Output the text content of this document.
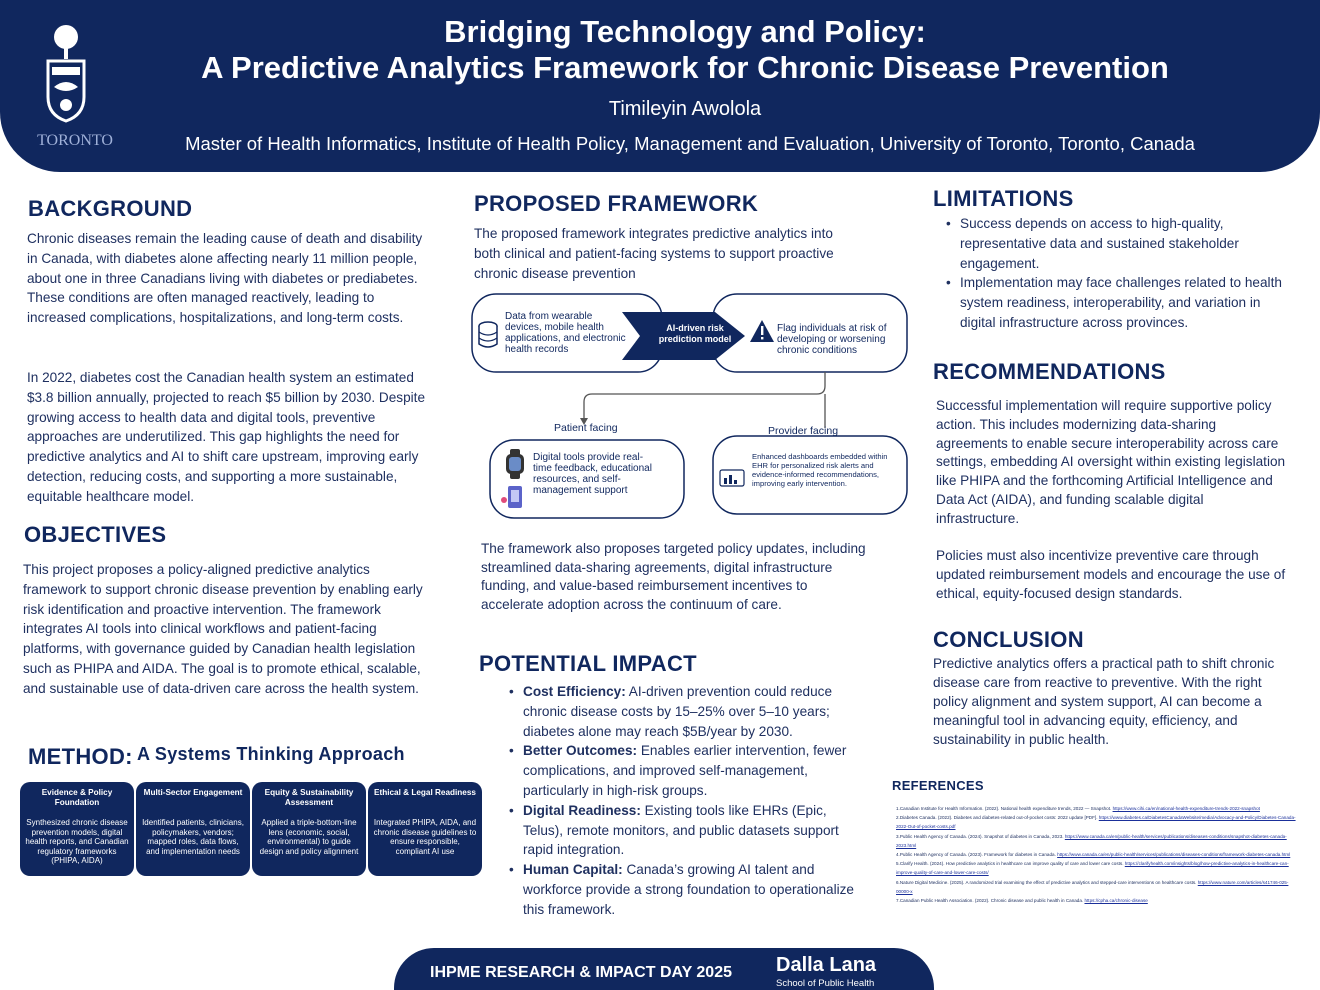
TORONTO
Bridging Technology and Policy:
A Predictive Analytics Framework for Chronic Disease Prevention
Timileyin Awolola
Master of Health Informatics, Institute of Health Policy, Management and Evaluation, University of Toronto, Toronto, Canada
BACKGROUND
Chronic diseases remain the leading cause of death and disability in Canada, with diabetes alone affecting nearly 11 million people, about one in three Canadians living with diabetes or prediabetes. These conditions are often managed reactively, leading to increased complications, hospitalizations, and long-term costs.
In 2022, diabetes cost the Canadian health system an estimated $3.8 billion annually, projected to reach $5 billion by 2030. Despite growing access to health data and digital tools, preventive approaches are underutilized. This gap highlights the need for predictive analytics and AI to shift care upstream, improving early detection, reducing costs, and supporting a more sustainable, equitable healthcare model.
OBJECTIVES
This project proposes a policy-aligned predictive analytics framework to support chronic disease prevention by enabling early risk identification and proactive intervention. The framework integrates AI tools into clinical workflows and patient-facing platforms, with governance guided by Canadian health legislation such as PHIPA and AIDA. The goal is to promote ethical, scalable, and sustainable use of data-driven care across the health system.
METHOD: A Systems Thinking Approach
Evidence & Policy Foundation
Synthesized chronic disease prevention models, digital health reports, and Canadian regulatory frameworks (PHIPA, AIDA)
Multi-Sector Engagement
Identified patients, clinicians, policymakers, vendors; mapped roles, data flows, and implementation needs
Equity & Sustainability Assessment
Applied a triple-bottom-line lens (economic, social, environmental) to guide design and policy alignment
Ethical & Legal Readiness
Integrated PHIPA, AIDA, and chronic disease guidelines to ensure responsible, compliant AI use
PROPOSED FRAMEWORK
The proposed framework integrates predictive analytics into both clinical and patient-facing systems to support proactive chronic disease prevention
Data from wearable devices, mobile health applications, and electronic health records
AI-driven risk prediction model
Flag individuals at risk of developing or worsening chronic conditions
Patient facing	Provider facing
Digital tools provide real-time feedback, educational resources, and self-management support
Enhanced dashboards embedded within EHR for personalized risk alerts and evidence-informed recommendations, improving early intervention.
The framework also proposes targeted policy updates, including streamlined data-sharing agreements, digital infrastructure funding, and value-based reimbursement incentives to accelerate adoption across the continuum of care.
POTENTIAL IMPACT
• Cost Efficiency: AI-driven prevention could reduce chronic disease costs by 15–25% over 5–10 years; diabetes alone may reach $5B/year by 2030.
• Better Outcomes: Enables earlier intervention, fewer complications, and improved self-management, particularly in high-risk groups.
• Digital Readiness: Existing tools like EHRs (Epic, Telus), remote monitors, and public datasets support rapid integration.
• Human Capital: Canada’s growing AI talent and workforce provide a strong foundation to operationalize this framework.
LIMITATIONS
• Success depends on access to high-quality, representative data and sustained stakeholder engagement.
• Implementation may face challenges related to health system readiness, interoperability, and variation in digital infrastructure across provinces.
RECOMMENDATIONS
Successful implementation will require supportive policy action. This includes modernizing data-sharing agreements to enable secure interoperability across care settings, embedding AI oversight within existing legislation like PHIPA and the forthcoming Artificial Intelligence and Data Act (AIDA), and funding scalable digital infrastructure.
Policies must also incentivize preventive care through updated reimbursement models and encourage the use of ethical, equity-focused design standards.
CONCLUSION
Predictive analytics offers a practical path to shift chronic disease care from reactive to preventive. With the right policy alignment and system support, AI can become a meaningful tool in advancing equity, efficiency, and sustainability in public health.
REFERENCES
1.Canadian Institute for Health Information. (2022). National health expenditure trends, 2022 — Snapshot. https://www.cihi.ca/en/national-health-expenditure-trends-2022-snapshot
2.Diabetes Canada. (2022). Diabetes and diabetes-related out-of-pocket costs: 2022 update [PDF]. https://www.diabetes.ca/DiabetesCanadaWebsite/media/Advocacy-and-Policy/Diabetes-Canada-2022-Out-of-pocket-costs.pdf
3.Public Health Agency of Canada. (2024). Snapshot of diabetes in Canada, 2023. https://www.canada.ca/en/public-health/services/publications/diseases-conditions/snapshot-diabetes-canada-2023.html
4.Public Health Agency of Canada. (2023). Framework for diabetes in Canada. https://www.canada.ca/en/public-health/services/publications/diseases-conditions/framework-diabetes-canada.html
5.Clarify Health. (2024). How predictive analytics in healthcare can improve quality of care and lower care costs. https://clarifyhealth.com/insights/blog/how-predictive-analytics-in-healthcare-can-improve-quality-of-care-and-lower-care-costs/
6.Nature Digital Medicine. (2025). A randomized trial examining the effect of predictive analytics and stepped-care interventions on healthcare costs. https://www.nature.com/articles/s41746-025-00000-x
7.Canadian Public Health Association. (2022). Chronic disease and public health in Canada. https://cpha.ca/chronic-disease
IHPME RESEARCH & IMPACT DAY 2025 Dalla Lana
School of Public Health
